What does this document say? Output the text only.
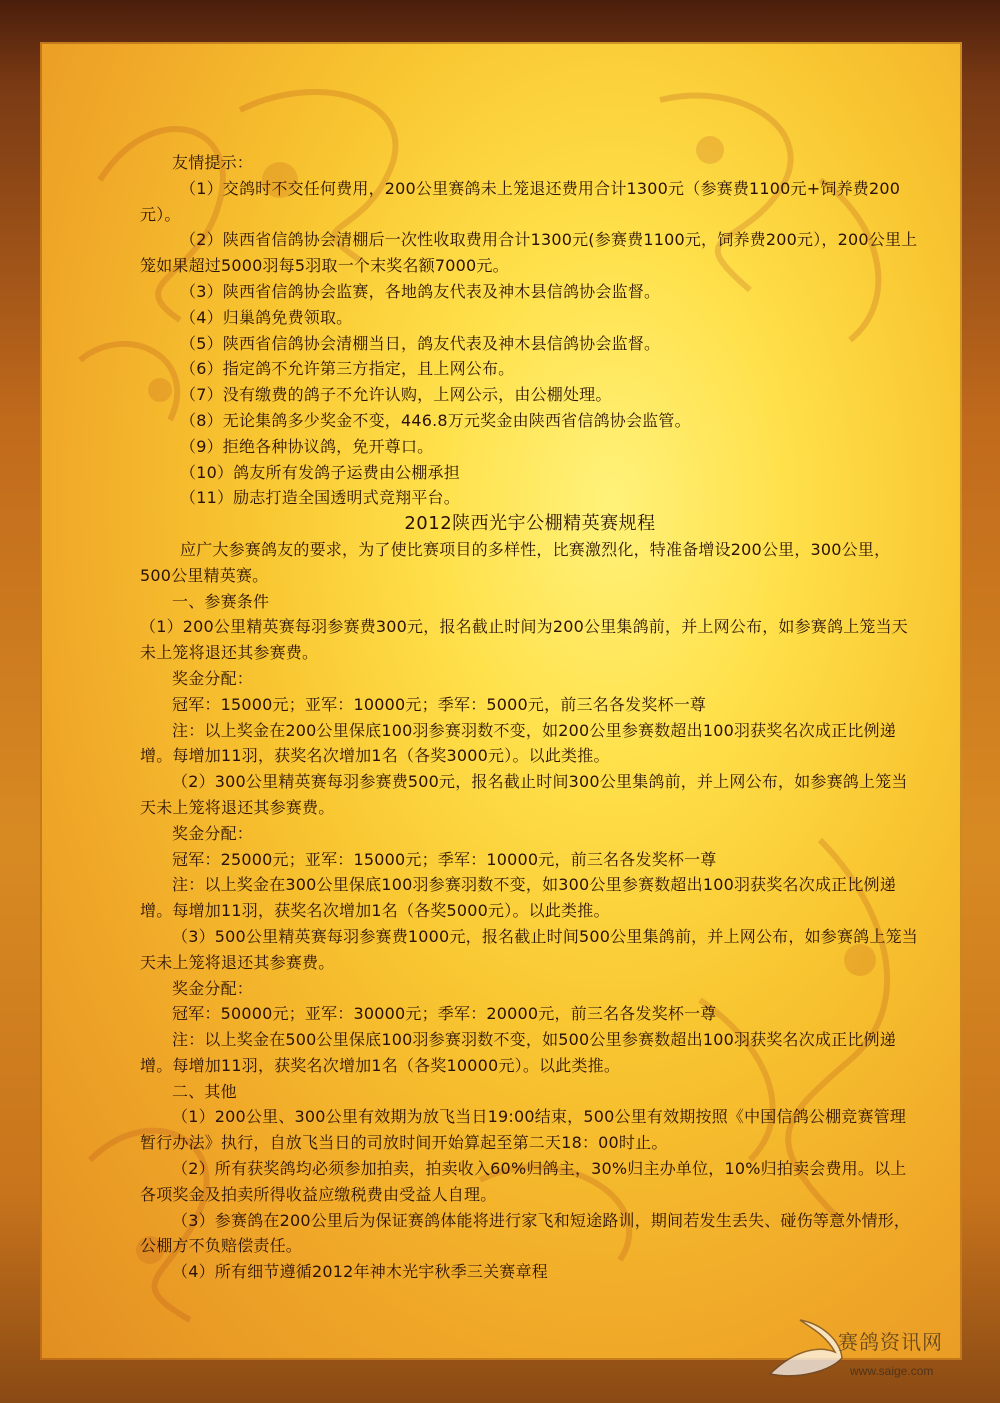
友情提示：

（1）交鸽时不交任何费用，200公里赛鸽未上笼退还费用合计1300元（参赛费1100元+饲养费200元）。

（2）陕西省信鸽协会清棚后一次性收取费用合计1300元(参赛费1100元，饲养费200元），200公里上笼如果超过5000羽每5羽取一个末奖名额7000元。

（3）陕西省信鸽协会监赛，各地鸽友代表及神木县信鸽协会监督。

（4）归巢鸽免费领取。

（5）陕西省信鸽协会清棚当日，鸽友代表及神木县信鸽协会监督。

（6）指定鸽不允许第三方指定，且上网公布。

（7）没有缴费的鸽子不允许认购，上网公示，由公棚处理。

（8）无论集鸽多少奖金不变，446.8万元奖金由陕西省信鸽协会监管。

（9）拒绝各种协议鸽，免开尊口。

（10）鸽友所有发鸽子运费由公棚承担

（11）励志打造全国透明式竞翔平台。

2012陕西光宇公棚精英赛规程

应广大参赛鸽友的要求，为了使比赛项目的多样性，比赛激烈化，特准备增设200公里，300公里，500公里精英赛。

一、参赛条件

（1）200公里精英赛每羽参赛费300元，报名截止时间为200公里集鸽前，并上网公布，如参赛鸽上笼当天未上笼将退还其参赛费。

奖金分配：

冠军：15000元；亚军：10000元；季军：5000元，前三名各发奖杯一尊

注：以上奖金在200公里保底100羽参赛羽数不变，如200公里参赛数超出100羽获奖名次成正比例递增。每增加11羽，获奖名次增加1名（各奖3000元）。以此类推。

（2）300公里精英赛每羽参赛费500元，报名截止时间300公里集鸽前，并上网公布，如参赛鸽上笼当天未上笼将退还其参赛费。

奖金分配：

冠军：25000元；亚军：15000元；季军：10000元，前三名各发奖杯一尊

注：以上奖金在300公里保底100羽参赛羽数不变，如300公里参赛数超出100羽获奖名次成正比例递增。每增加11羽，获奖名次增加1名（各奖5000元）。以此类推。

（3）500公里精英赛每羽参赛费1000元，报名截止时间500公里集鸽前，并上网公布，如参赛鸽上笼当天未上笼将退还其参赛费。

奖金分配：

冠军：50000元；亚军：30000元；季军：20000元，前三名各发奖杯一尊

注：以上奖金在500公里保底100羽参赛羽数不变，如500公里参赛数超出100羽获奖名次成正比例递增。每增加11羽，获奖名次增加1名（各奖10000元）。以此类推。

二、其他

（1）200公里、300公里有效期为放飞当日19:00结束，500公里有效期按照《中国信鸽公棚竞赛管理暂行办法》执行，自放飞当日的司放时间开始算起至第二天18：00时止。

（2）所有获奖鸽均必须参加拍卖，拍卖收入60%归鸽主，30%归主办单位，10%归拍卖会费用。以上各项奖金及拍卖所得收益应缴税费由受益人自理。

（3）参赛鸽在200公里后为保证赛鸽体能将进行家飞和短途路训，期间若发生丢失、碰伤等意外情形，公棚方不负赔偿责任。

（4）所有细节遵循2012年神木光宇秋季三关赛章程

赛鸽资讯网
www.saige.com
